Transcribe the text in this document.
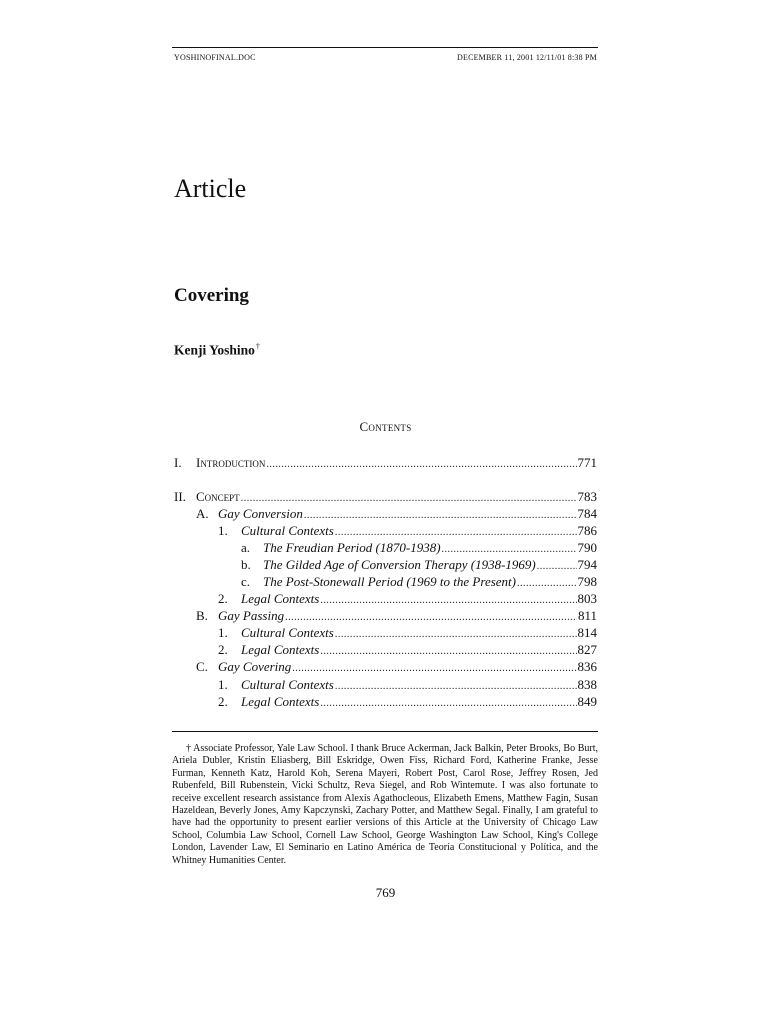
YOSHINOFINAL.DOC	DECEMBER 11, 2001 12/11/01 8:38 PM
Article
Covering
Kenji Yoshino†
Contents
I.	Introduction .....	771
II. Concept .....	783
A. Gay Conversion .....	784
1.	Cultural Contexts .....	786
a. The Freudian Period (1870-1938) .....	790
b. The Gilded Age of Conversion Therapy (1938-1969) .....	794
c. The Post-Stonewall Period (1969 to the Present) .....	798
2.	Legal Contexts .....	803
B. Gay Passing .....	811
1.	Cultural Contexts .....	814
2.	Legal Contexts .....	827
C. Gay Covering .....	836
1.	Cultural Contexts .....	838
2.	Legal Contexts .....	849

† Associate Professor, Yale Law School. I thank Bruce Ackerman, Jack Balkin, Peter Brooks, Bo Burt, Ariela Dubler, Kristin Eliasberg, Bill Eskridge, Owen Fiss, Richard Ford, Katherine Franke, Jesse Furman, Kenneth Katz, Harold Koh, Serena Mayeri, Robert Post, Carol Rose, Jeffrey Rosen, Jed Rubenfeld, Bill Rubenstein, Vicki Schultz, Reva Siegel, and Rob Wintemute. I was also fortunate to receive excellent research assistance from Alexis Agathocleous, Elizabeth Emens, Matthew Fagin, Susan Hazeldean, Beverly Jones, Amy Kapczynski, Zachary Potter, and Matthew Segal. Finally, I am grateful to have had the opportunity to present earlier versions of this Article at the University of Chicago Law School, Columbia Law School, Cornell Law School, George Washington Law School, King's College London, Lavender Law, El Seminario en Latino América de Teoría Constitucional y Política, and the Whitney Humanities Center.

769
